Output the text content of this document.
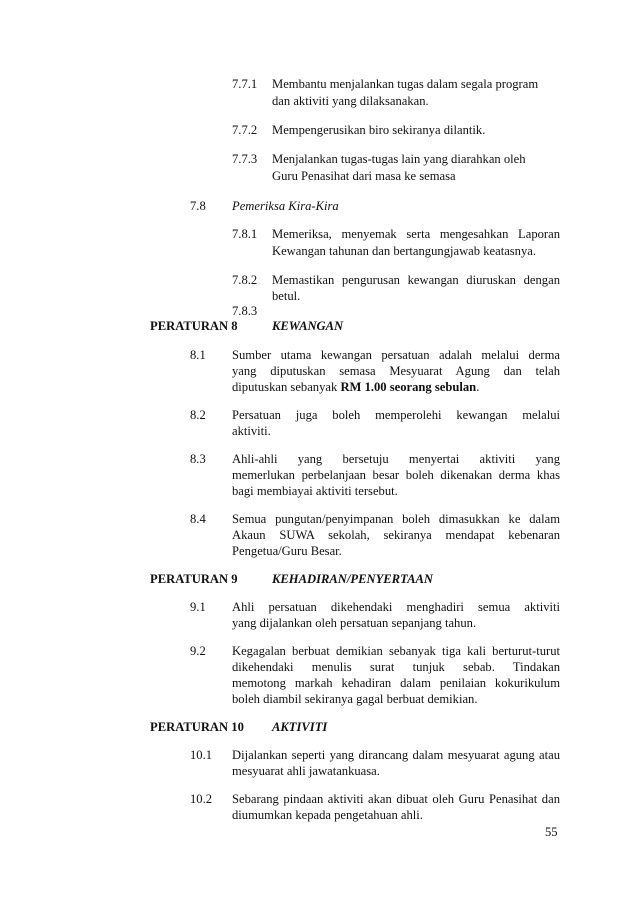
7.7.1 Membantu menjalankan tugas dalam segala program
dan aktiviti yang dilaksanakan.
7.7.2 Mempengerusikan biro sekiranya dilantik.
7.7.3 Menjalankan tugas-tugas lain yang diarahkan oleh
Guru Penasihat dari masa ke semasa
7.8 Pemeriksa Kira-Kira
7.8.1 Memeriksa, menyemak serta mengesahkan Laporan
Kewangan tahunan dan bertangungjawab keatasnya.
7.8.2 Memastikan pengurusan kewangan diuruskan dengan
betul.
7.8.3
PERATURAN 8	KEWANGAN
8.1 Sumber utama kewangan persatuan adalah melalui derma
yang diputuskan semasa Mesyuarat Agung dan telah
diputuskan sebanyak RM 1.00 seorang sebulan.
8.2 Persatuan juga boleh memperolehi kewangan melalui
aktiviti.
8.3 Ahli-ahli yang bersetuju menyertai aktiviti yang
memerlukan perbelanjaan besar boleh dikenakan derma khas
bagi membiayai aktiviti tersebut.
8.4 Semua pungutan/penyimpanan boleh dimasukkan ke dalam
Akaun SUWA sekolah, sekiranya mendapat kebenaran
Pengetua/Guru Besar.
PERATURAN 9	KEHADIRAN/PENYERTAAN
9.1 Ahli persatuan dikehendaki menghadiri semua aktiviti
yang dijalankan oleh persatuan sepanjang tahun.
9.2 Kegagalan berbuat demikian sebanyak tiga kali berturut-turut
dikehendaki menulis surat tunjuk sebab. Tindakan
memotong markah kehadiran dalam penilaian kokurikulum
boleh diambil sekiranya gagal berbuat demikian.
PERATURAN 10 AKTIVITI
10.1 Dijalankan seperti yang dirancang dalam mesyuarat agung atau
mesyuarat ahli jawatankuasa.
10.2 Sebarang pindaan aktiviti akan dibuat oleh Guru Penasihat dan
diumumkan kepada pengetahuan ahli.
55
